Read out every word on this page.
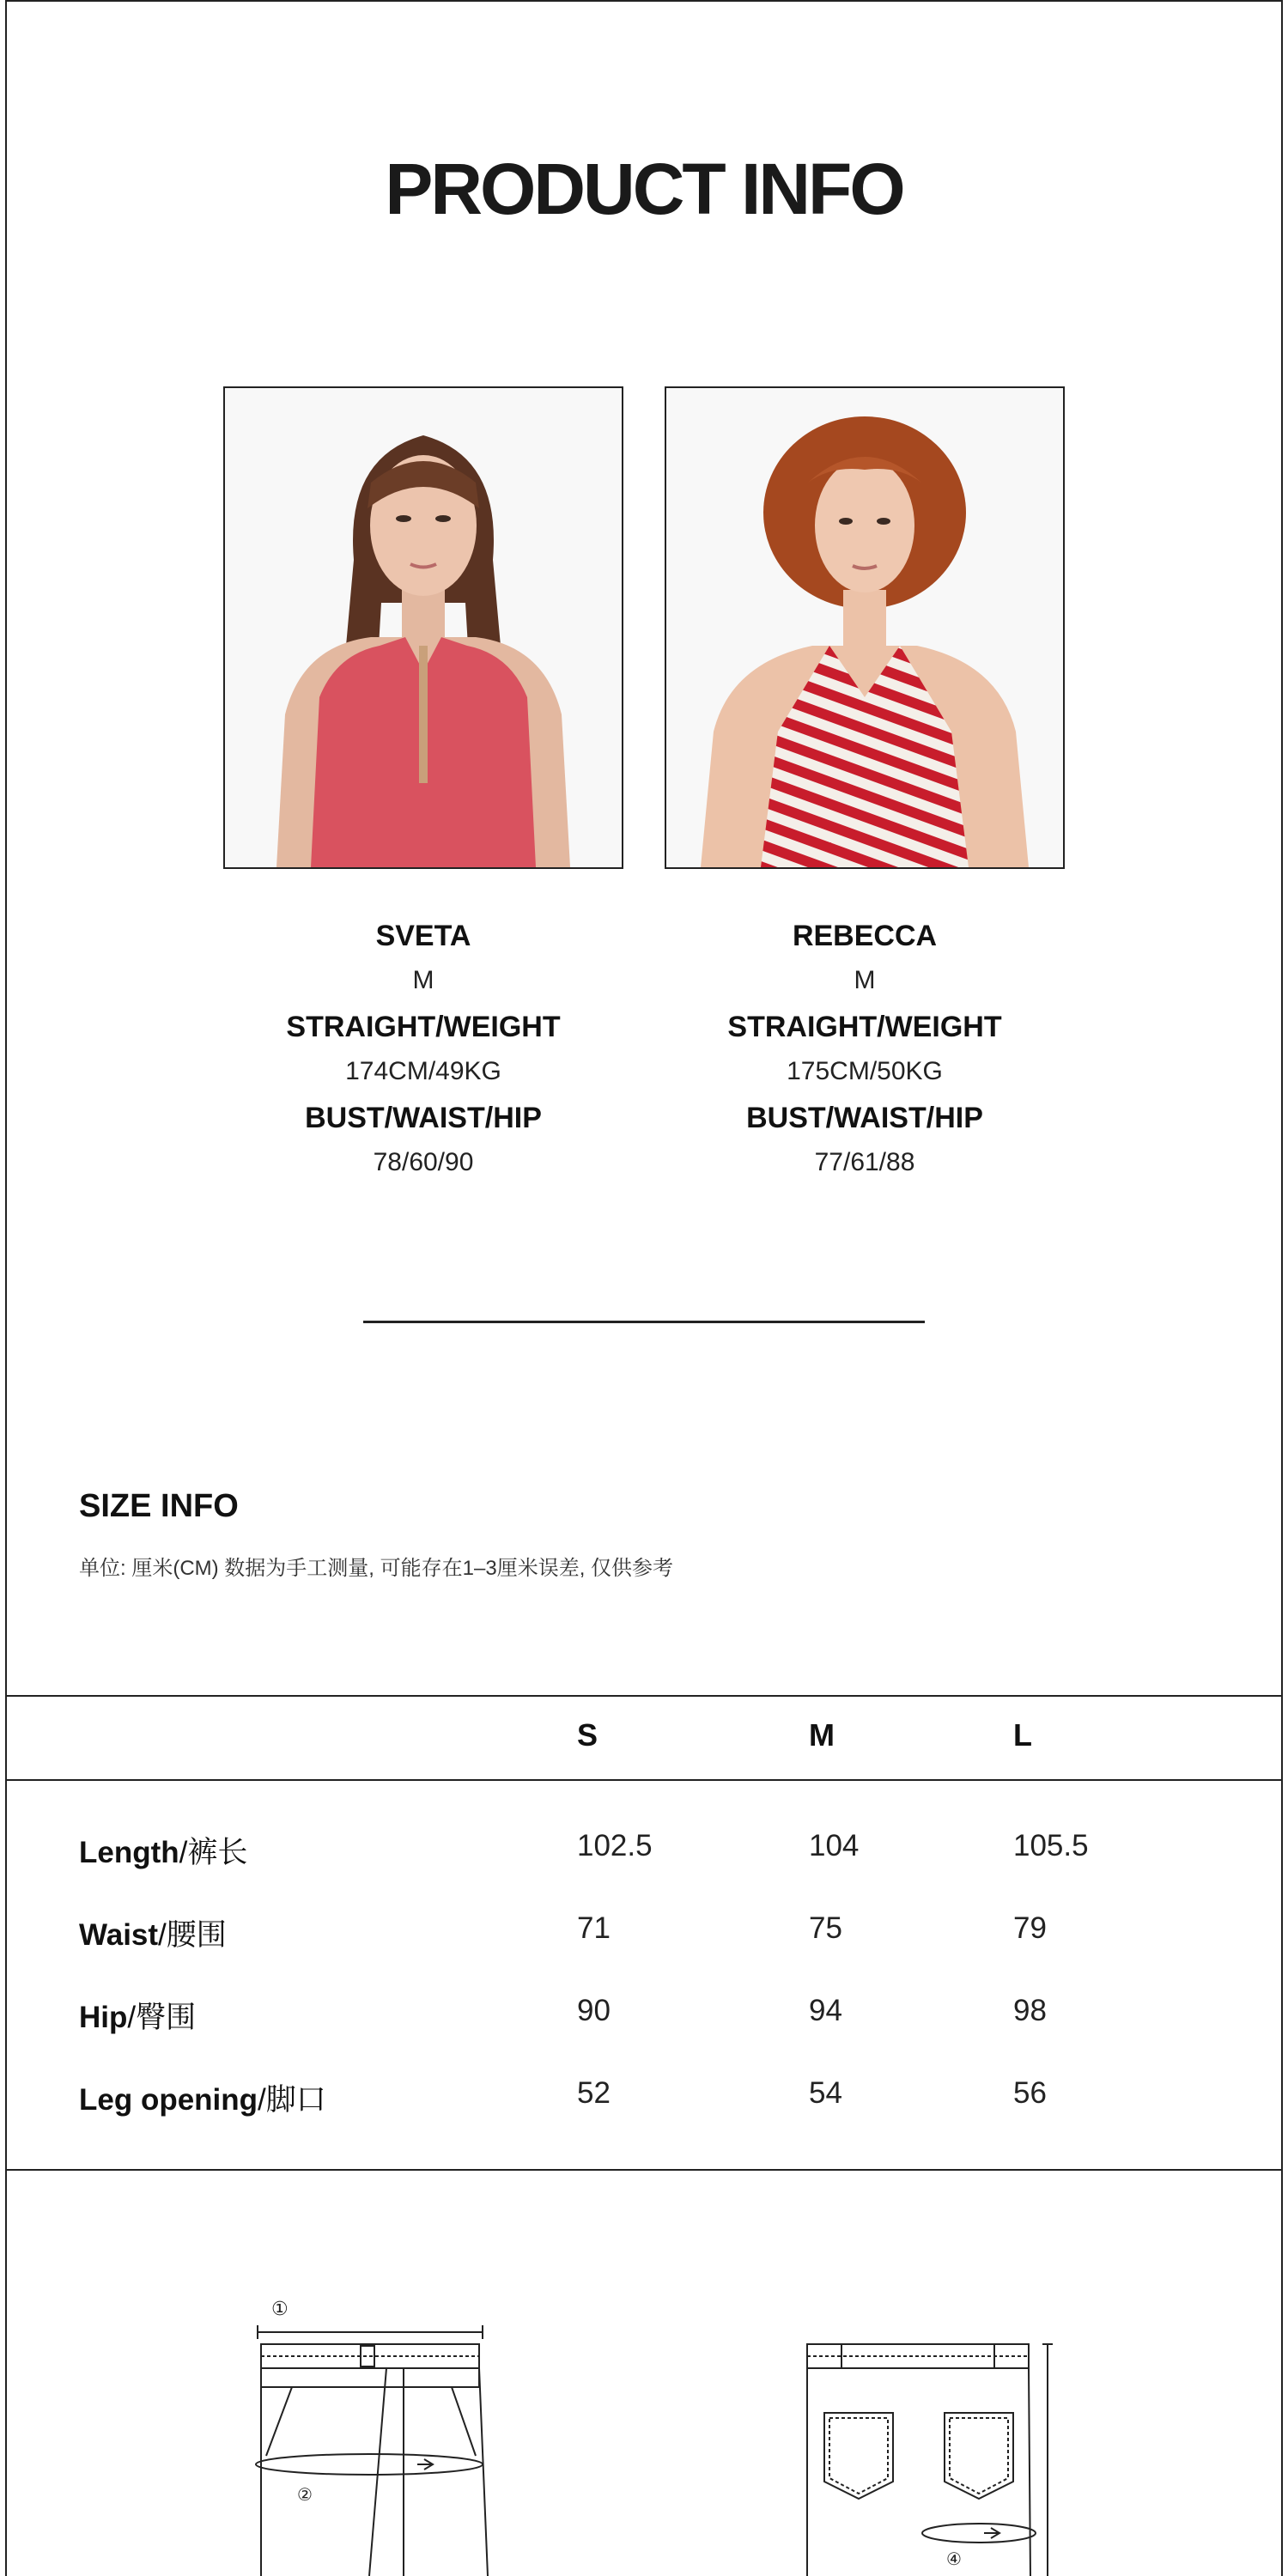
PRODUCT INFO
SVETA
M
STRAIGHT/WEIGHT
174CM/49KG
BUST/WAIST/HIP
78/60/90
REBECCA
M
STRAIGHT/WEIGHT
175CM/50KG
BUST/WAIST/HIP
77/61/88
SIZE INFO
单位: 厘米(CM) 数据为手工测量, 可能存在1–3厘米误差, 仅供参考
S	M	L
Length/裤长	102.5	104	105.5
Waist/腰围	71	75	79
Hip/臀围	90	94	98
Leg opening/脚口	52	54	56
①
②
④
